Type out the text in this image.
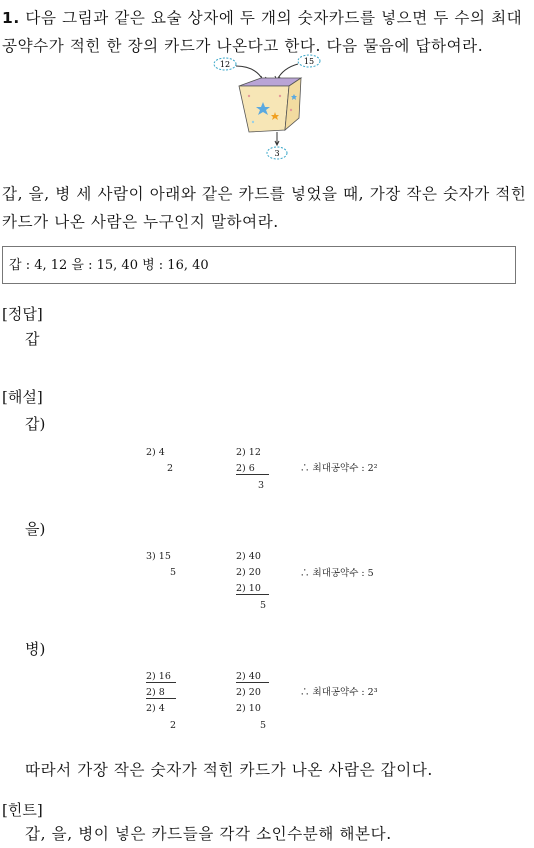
1. 다음 그림과 같은 요술 상자에 두 개의 숫자카드를 넣으면 두 수의 최대공약수가 적힌 한 장의 카드가 나온다고 한다. 다음 물음에 답하여라.
12	15
3
갑, 을, 병 세 사람이 아래와 같은 카드를 넣었을 때, 가장 작은 숫자가 적힌 카드가 나온 사람은 누구인지 말하여라.
갑 : 4, 12 을 : 15, 40 병 : 16, 40
[정답]
갑
[해설]
갑)
2) 4
2
2) 12
2) 6
3
∴ 최대공약수 : 2²
을)
3) 15
5
2) 40
2) 20
2) 10
5
∴ 최대공약수 : 5
병)
2) 16
2) 8
2) 4
2
2) 40
2) 20
2) 10
5
∴ 최대공약수 : 2³
따라서 가장 작은 숫자가 적힌 카드가 나온 사람은 갑이다.
[힌트]
갑, 을, 병이 넣은 카드들을 각각 소인수분해 해본다.
